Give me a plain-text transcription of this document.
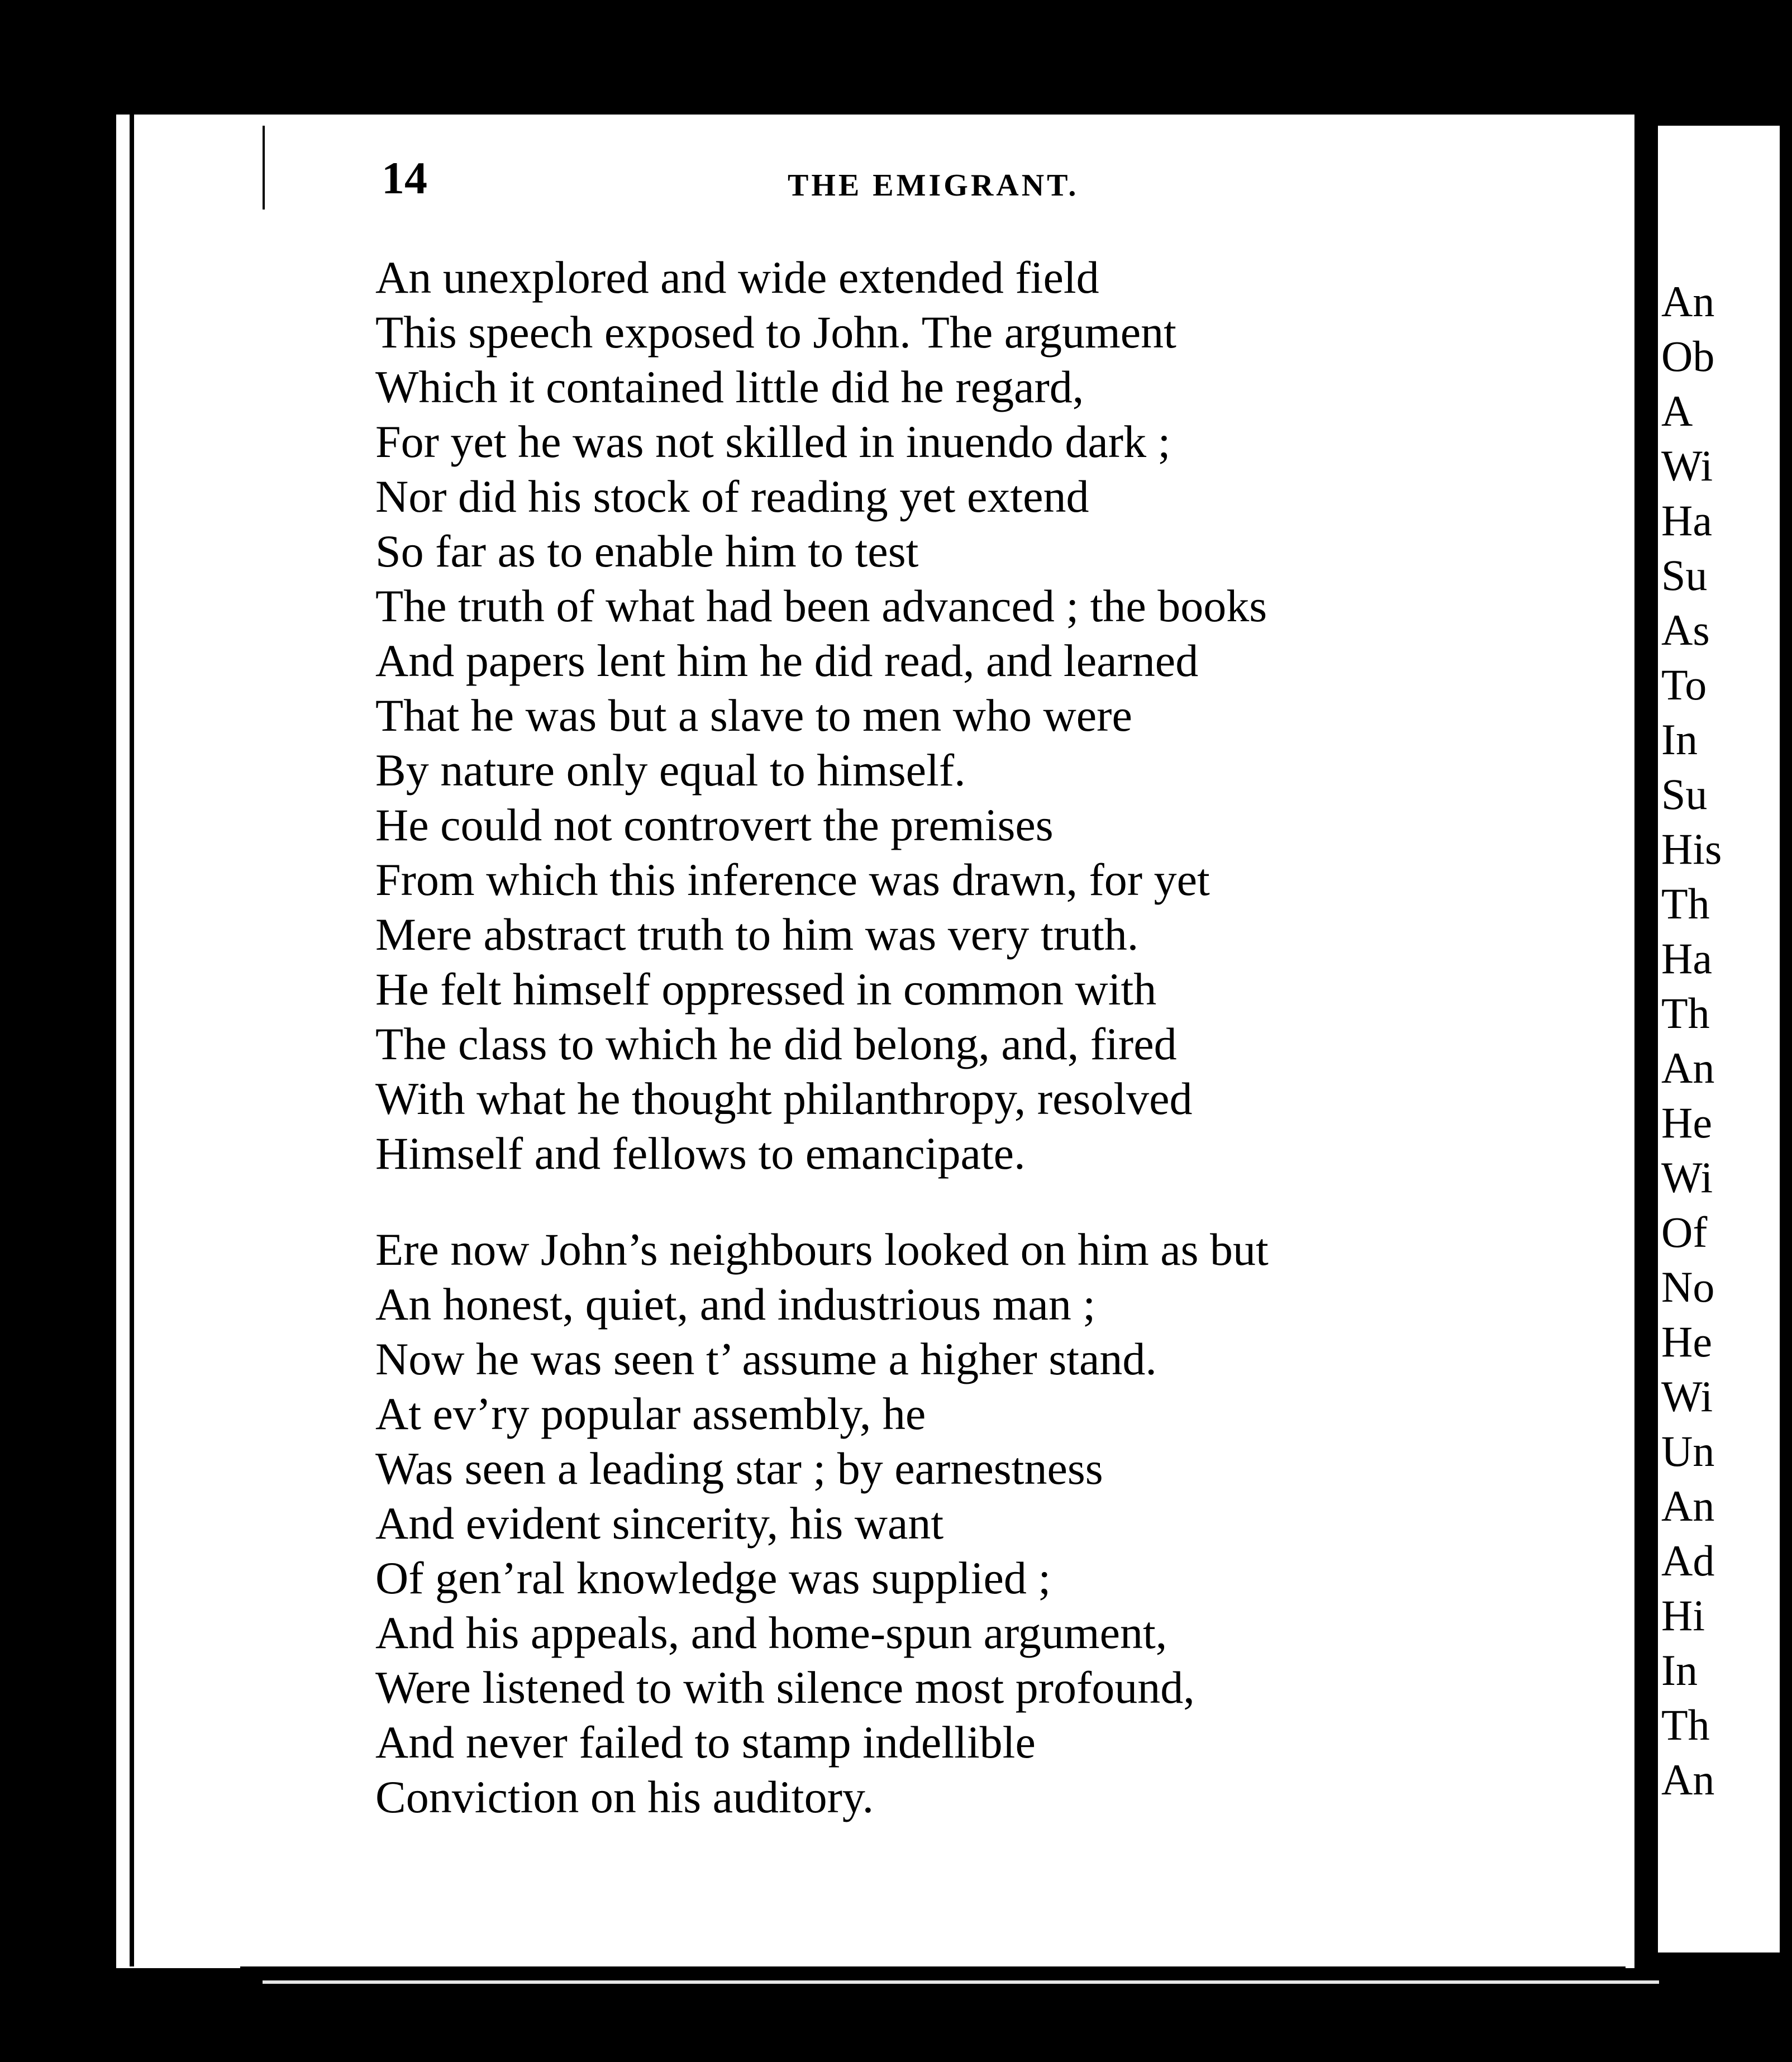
14	THE EMIGRANT.
An unexplored and wide extended field
This speech exposed to John. The argument
Which it contained little did he regard,
For yet he was not skilled in inuendo dark ;
Nor did his stock of reading yet extend
So far as to enable him to test
The truth of what had been advanced ; the books
And papers lent him he did read, and learned
That he was but a slave to men who were
By nature only equal to himself.
He could not controvert the premises
From which this inference was drawn, for yet
Mere abstract truth to him was very truth.
He felt himself oppressed in common with
The class to which he did belong, and, fired
With what he thought philanthropy, resolved
Himself and fellows to emancipate.
Ere now John’s neighbours looked on him as but
An honest, quiet, and industrious man ;
Now he was seen t’ assume a higher stand.
At ev’ry popular assembly, he
Was seen a leading star ; by earnestness
And evident sincerity, his want
Of gen’ral knowledge was supplied ;
And his appeals, and home-spun argument,
Were listened to with silence most profound,
And never failed to stamp indellible
Conviction on his auditory.
An
Ob
A
Wi
Ha
Su
As
To
In
Su
His
Th
Ha
Th
An
He
Wi
Of
No
He
Wi
Un
An
Ad
Hi
In
Th
An
